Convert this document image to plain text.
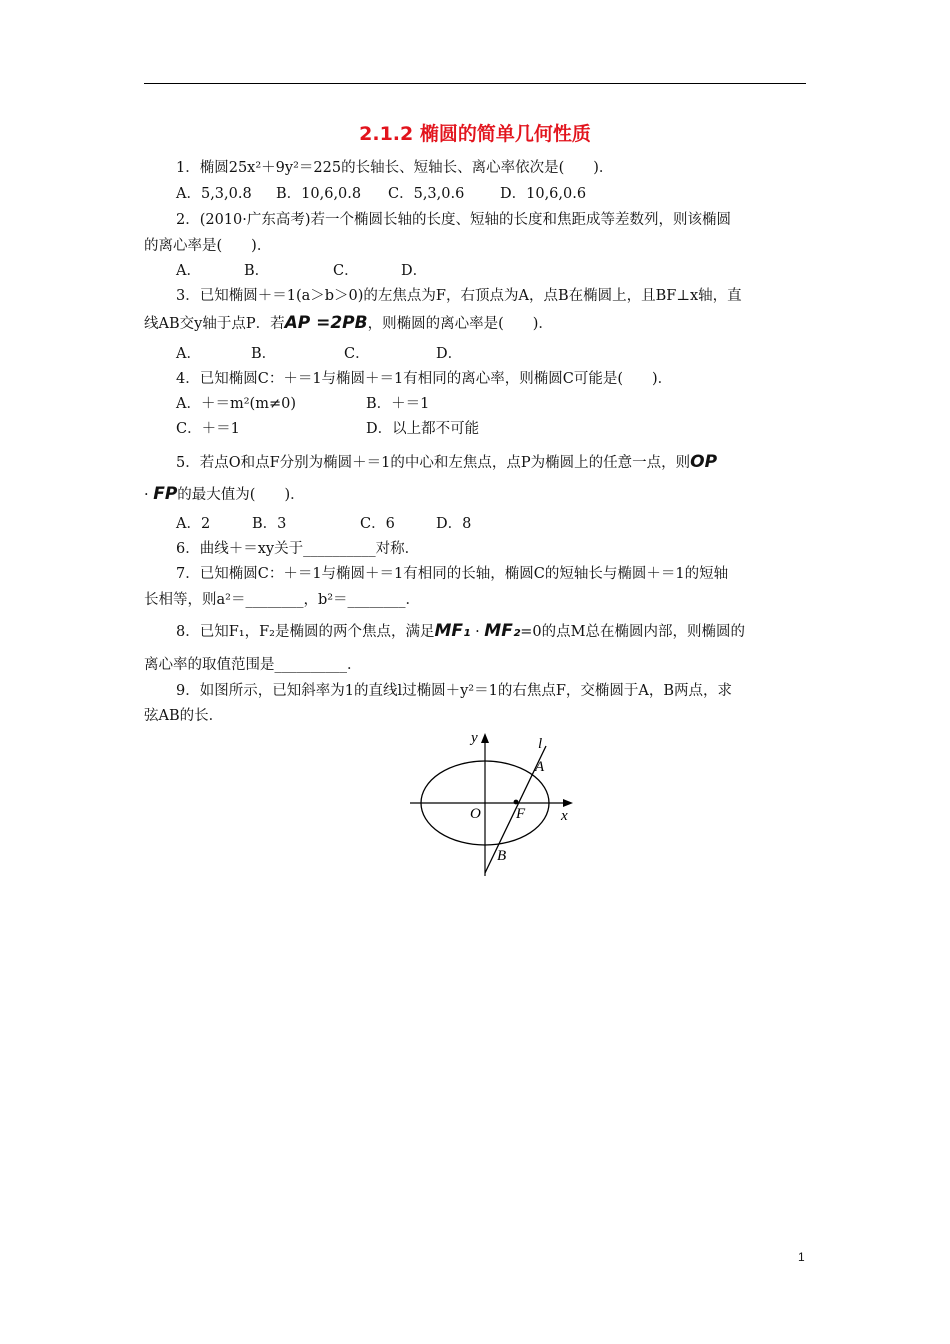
2.1.2 椭圆的简单几何性质
1．椭圆25x²＋9y²＝225的长轴长、短轴长、离心率依次是(　　)．
A．5,3,0.8 B．10,6,0.8 C．5,3,0.6 D．10,6,0.6
2．(2010·广东高考)若一个椭圆长轴的长度、短轴的长度和焦距成等差数列，则该椭圆
的离心率是(　　)．
A．	B．	C．	D．
3．已知椭圆＋＝1(a＞b＞0)的左焦点为F，右顶点为A，点B在椭圆上，且BF⊥x轴，直
线AB交y轴于点P．若AP =2PB，则椭圆的离心率是(　　)．
A．	B．	C．	D．
4．已知椭圆C：＋＝1与椭圆＋＝1有相同的离心率，则椭圆C可能是(　　)．
A．＋＝m²(m≠0)	B．＋＝1
C．＋＝1	D．以上都不可能
5．若点O和点F分别为椭圆＋＝1的中心和左焦点，点P为椭圆上的任意一点，则OP
· FP的最大值为(　　)．
A．2	B．3	C．6	D．8
6．曲线＋＝xy关于__________对称．
7．已知椭圆C：＋＝1与椭圆＋＝1有相同的长轴，椭圆C的短轴长与椭圆＋＝1的短轴
长相等，则a²＝________，b²＝________．
8．已知F₁，F₂是椭圆的两个焦点，满足MF₁ · MF₂=0的点M总在椭圆内部，则椭圆的
离心率的取值范围是__________．
9．如图所示，已知斜率为1的直线l过椭圆＋y²＝1的右焦点F，交椭圆于A，B两点，求
弦AB的长．
y	l
A
O F x
B
1
